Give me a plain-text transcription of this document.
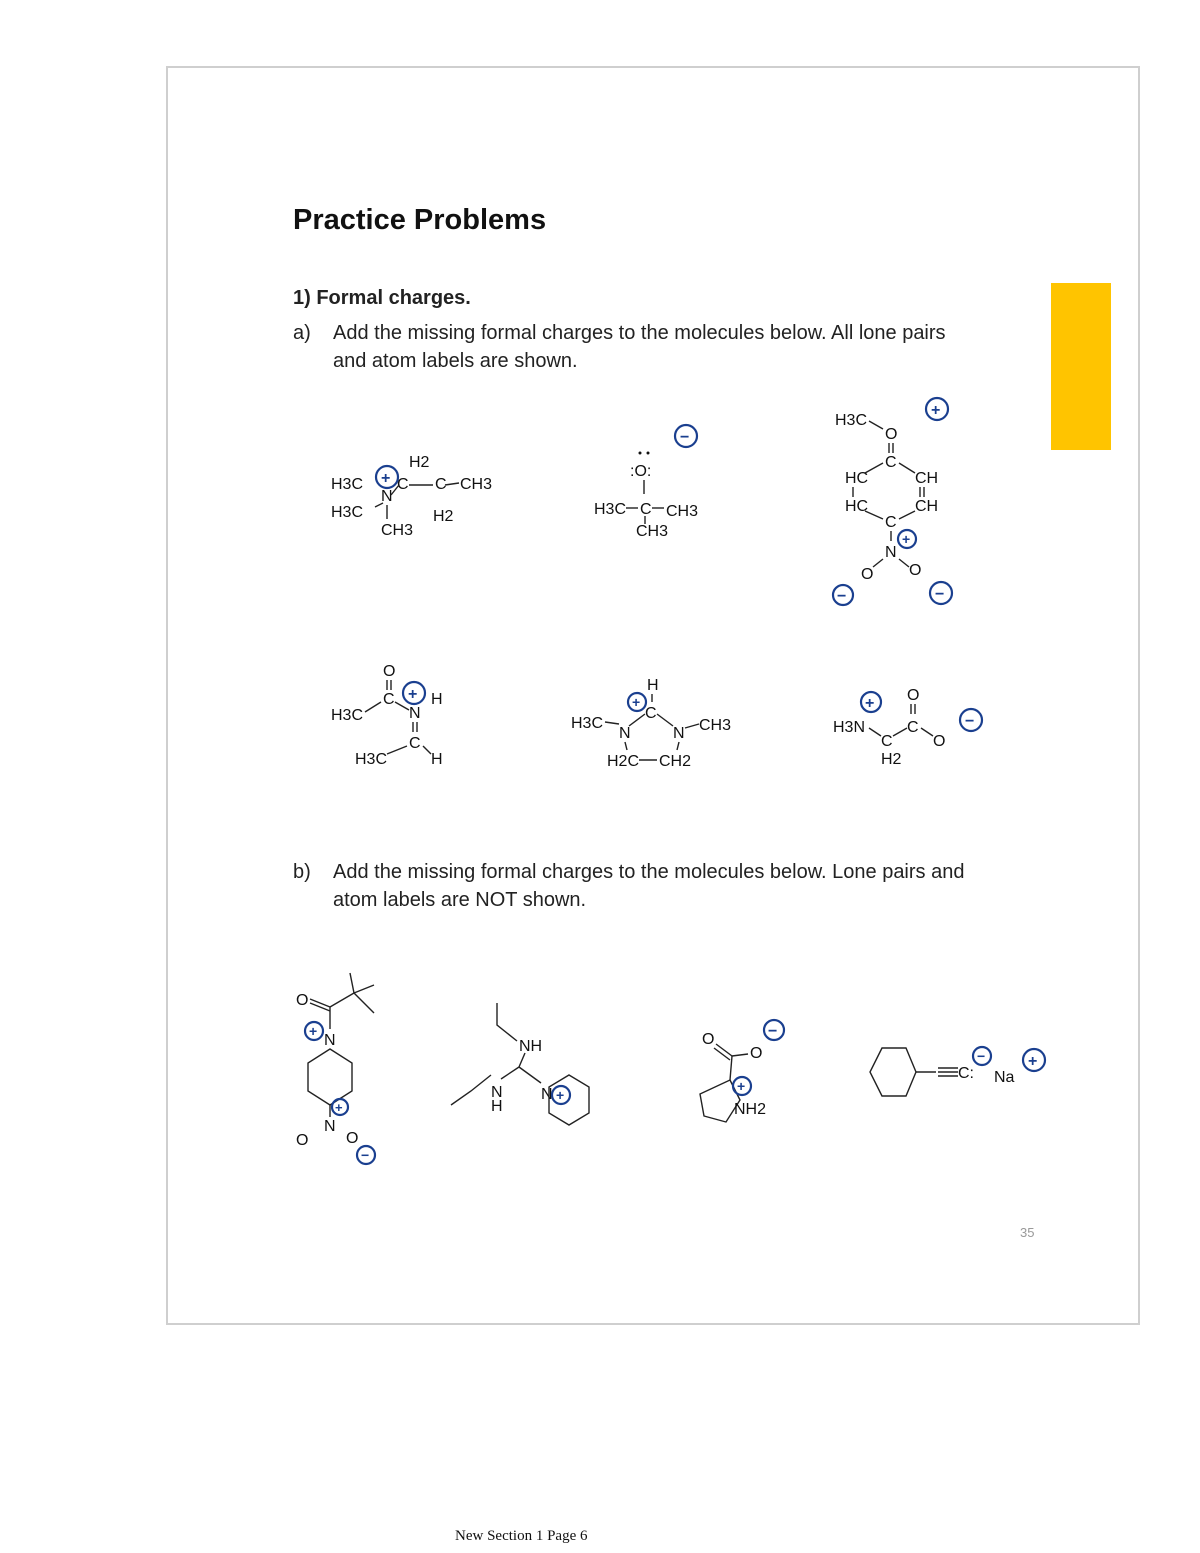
Practice Problems
1) Formal charges.
a) Add the missing formal charges to the molecules below. All lone pairs
and atom labels are shown.
b) Add the missing formal charges to the molecules below. Lone pairs and
atom labels are NOT shown.
H2
H3C C C CH3
N
H3C	H2
CH3
+	:O:
H3C C CH3
CH3
−
H3C
O
C
HC	CH
HC	CH
C
N
O O
+
+
−	−
O
C
H3C	N
H
C
H3C	H
+
H
H3C
N
C
N CH3
H2C CH2
+	O
H3N
C
H2
C
O
+
−
O
N
N
O O
+
+
−
NH
N
H
N +
O
O
NH2
−
+
C: Na
−	+
35
New Section 1 Page 6
